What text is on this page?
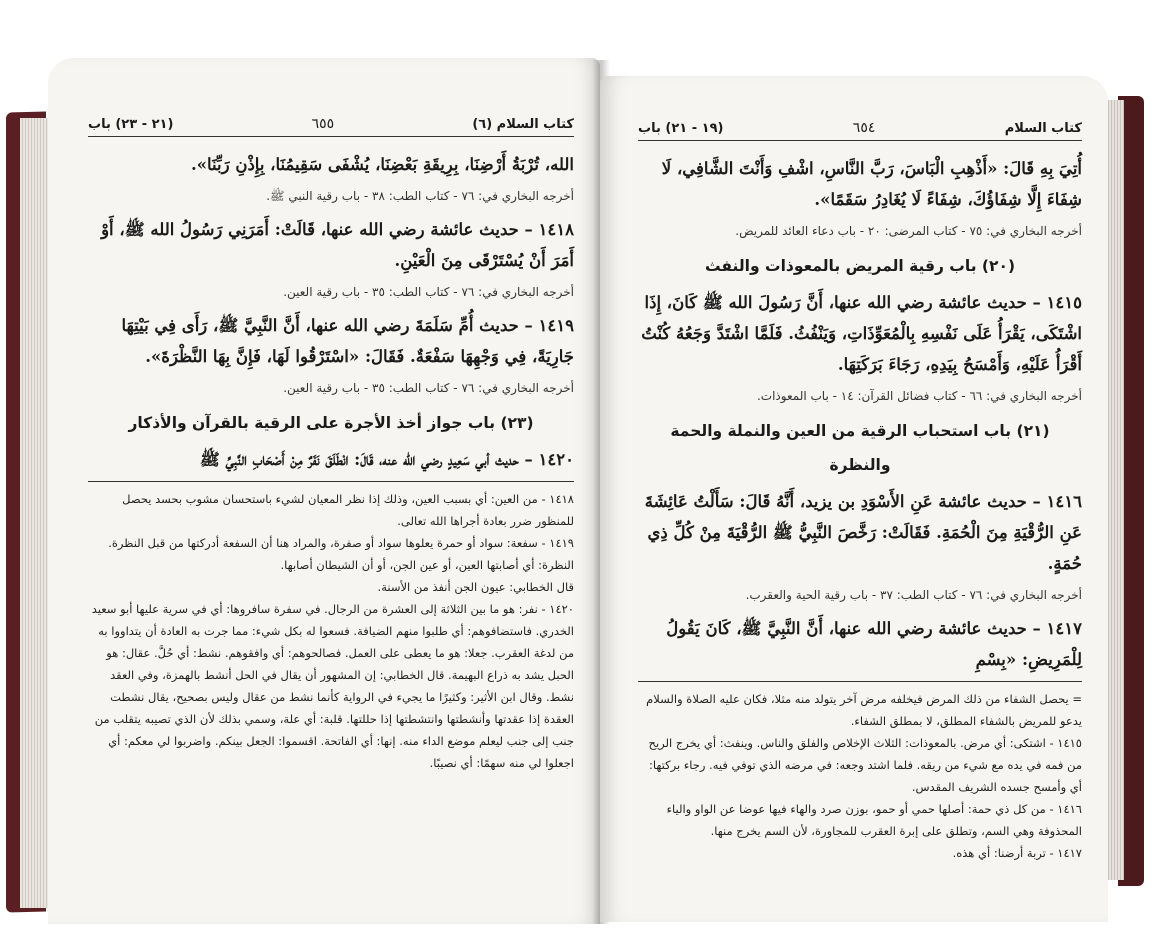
كتاب السلام (٦)
٦٥٥
(٢١ - ٢٣) باب

الله، تُرْبَةُ أَرْضِنَا، بِرِيقَةِ بَعْضِنَا، يُشْفَى سَقِيمُنَا، بِإِذْنِ رَبِّنَا».

أخرجه البخاري في: ٧٦ - كتاب الطب: ٣٨ - باب رقية النبي ﷺ.

١٤١٨ – حديث عائشة رضي الله عنها، قَالَتْ: أَمَرَنِي رَسُولُ الله ﷺ، أَوْ أَمَرَ أَنْ يُسْتَرْقَى مِنَ الْعَيْنِ.

أخرجه البخاري في: ٧٦ - كتاب الطب: ٣٥ - باب رقية العين.

١٤١٩ – حديث أُمِّ سَلَمَةَ رضي الله عنها، أَنَّ النَّبِيَّ ﷺ، رَأَى فِي بَيْتِهَا جَارِيَةً، فِي وَجْهِهَا سَفْعَةٌ. فَقَالَ: «اسْتَرْقُوا لَهَا، فَإِنَّ بِهَا النَّظْرَةَ».

أخرجه البخاري في: ٧٦ - كتاب الطب: ٣٥ - باب رقية العين.

(٢٣) باب جواز أخذ الأجرة على الرقية بالقرآن والأذكار

١٤٢٠ – حديث أبي سَعِيدٍ رضي الله عنه، قَالَ: انْطَلَقَ نَفَرٌ مِنْ أَصْحَابِ النَّبِيِّ ﷺ

١٤١٨ - من العين: أي بسبب العين، وذلك إذا نظر المعيان لشيء باستحسان مشوب بحسد يحصل للمنظور ضرر بعادة أجراها الله تعالى.

١٤١٩ - سفعة: سواد أو حمرة يعلوها سواد أو صفرة، والمراد هنا أن السفعة أدركتها من قبل النظرة. النظرة: أي أصابتها العين، أو عين الجن، أو أن الشيطان أصابها.

قال الخطابي: عيون الجن أنفذ من الأسنة.

١٤٢٠ - نفر: هو ما بين الثلاثة إلى العشرة من الرجال. في سفرة سافروها: أي في سرية عليها أبو سعيد الخدري. فاستضافوهم: أي طلبوا منهم الضيافة. فسعوا له بكل شيء: مما جرت به العادة أن يتداووا به من لدغة العقرب. جعلا: هو ما يعطى على العمل. فصالحوهم: أي وافقوهم. نشط: أي حُلَّ. عقال: هو الحبل يشد به ذراع البهيمة. قال الخطابي: إن المشهور أن يقال في الحل أنشط بالهمزة، وفي العقد نشط. وقال ابن الأثير: وكثيرًا ما يجيء في الرواية كأنما نشط من عقال وليس بصحيح، يقال نشطت العقدة إذا عقدتها وأنشطتها وانتشطتها إذا حللتها. قلبة: أي علة، وسمي بذلك لأن الذي تصيبه يتقلب من جنب إلى جنب ليعلم موضع الداء منه. إنها: أي الفاتحة. اقسموا: الجعل بينكم. واضربوا لي معكم: أي اجعلوا لي منه سهمًا: أي نصيبًا.

كتاب السلام
٦٥٤
(١٩ - ٢١) باب

أُتِيَ بِهِ قَالَ: «أَذْهِبِ الْبَاسَ، رَبَّ النَّاسِ، اشْفِ وَأَنْتَ الشَّافِي، لَا شِفَاءَ إِلَّا شِفَاؤُكَ، شِفَاءً لَا يُغَادِرُ سَقَمًا».

أخرجه البخاري في: ٧٥ - كتاب المرضى: ٢٠ - باب دعاء العائد للمريض.

(٢٠) باب رقية المريض بالمعوذات والنفث

١٤١٥ – حديث عائشة رضي الله عنها، أَنَّ رَسُولَ الله ﷺ كَانَ، إِذَا اشْتَكَى، يَقْرَأُ عَلَى نَفْسِهِ بِالْمُعَوِّذَاتِ، وَيَنْفُثُ. فَلَمَّا اشْتَدَّ وَجَعُهُ كُنْتُ أَقْرَأُ عَلَيْهِ، وَأَمْسَحُ بِيَدِهِ، رَجَاءَ بَرَكَتِهَا.

أخرجه البخاري في: ٦٦ - كتاب فضائل القرآن: ١٤ - باب المعوذات.

(٢١) باب استحباب الرقية من العين والنملة والحمة والنظرة

١٤١٦ – حديث عائشة عَنِ الأَسْوَدِ بن يزيد، أَنَّهُ قَالَ: سَأَلْتُ عَائِشَةَ عَنِ الرُّقْيَةِ مِنَ الْحُمَةِ. فَقَالَتْ: رَخَّصَ النَّبِيُّ ﷺ الرُّقْيَةَ مِنْ كُلِّ ذِي حُمَةٍ.

أخرجه البخاري في: ٧٦ - كتاب الطب: ٣٧ - باب رقية الحية والعقرب.

١٤١٧ – حديث عائشة رضي الله عنها، أَنَّ النَّبِيَّ ﷺ، كَانَ يَقُولُ لِلْمَرِيضِ: «بِسْمِ

= يحصل الشفاء من ذلك المرض فيخلفه مرض آخر يتولد منه مثلا، فكان عليه الصلاة والسلام يدعو للمريض بالشفاء المطلق، لا بمطلق الشفاء.

١٤١٥ - اشتكى: أي مرض. بالمعوذات: الثلاث الإخلاص والفلق والناس. وينفث: أي يخرج الريح من فمه في يده مع شيء من ريقه. فلما اشتد وجعه: في مرضه الذي توفي فيه. رجاء بركتها: أي وأمسح جسده الشريف المقدس.

١٤١٦ - من كل ذي حمة: أصلها حمي أو حمو، بوزن صرد والهاء فيها عوضا عن الواو والياء المحذوفة وهي السم، وتطلق على إبرة العقرب للمجاورة، لأن السم يخرج منها.

١٤١٧ - تربة أرضنا: أي هذه.
